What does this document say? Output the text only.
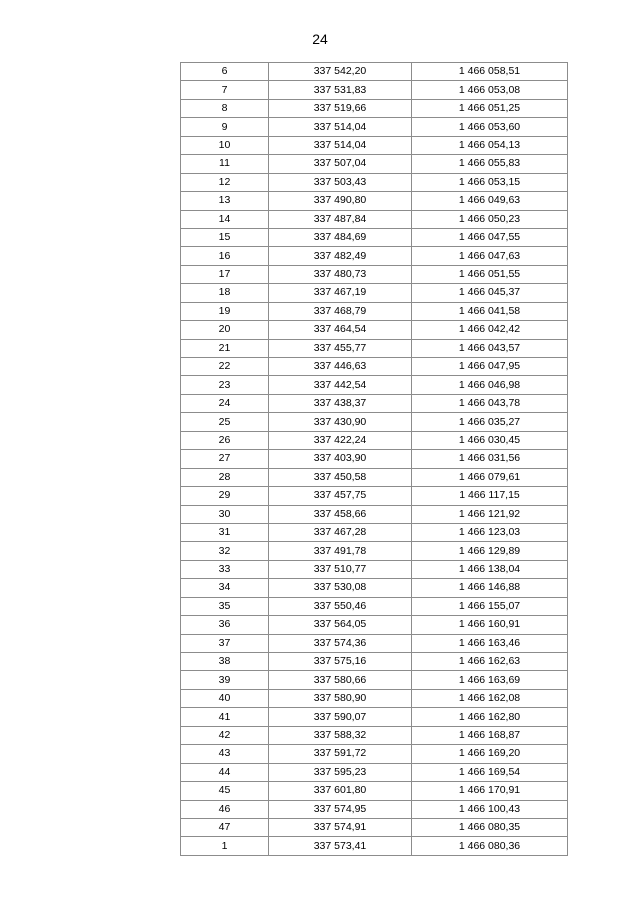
24
6	337 542,20	1 466 058,51
7	337 531,83	1 466 053,08
8	337 519,66	1 466 051,25
9	337 514,04	1 466 053,60
10	337 514,04	1 466 054,13
11	337 507,04	1 466 055,83
12	337 503,43	1 466 053,15
13	337 490,80	1 466 049,63
14	337 487,84	1 466 050,23
15	337 484,69	1 466 047,55
16	337 482,49	1 466 047,63
17	337 480,73	1 466 051,55
18	337 467,19	1 466 045,37
19	337 468,79	1 466 041,58
20	337 464,54	1 466 042,42
21	337 455,77	1 466 043,57
22	337 446,63	1 466 047,95
23	337 442,54	1 466 046,98
24	337 438,37	1 466 043,78
25	337 430,90	1 466 035,27
26	337 422,24	1 466 030,45
27	337 403,90	1 466 031,56
28	337 450,58	1 466 079,61
29	337 457,75	1 466 117,15
30	337 458,66	1 466 121,92
31	337 467,28	1 466 123,03
32	337 491,78	1 466 129,89
33	337 510,77	1 466 138,04
34	337 530,08	1 466 146,88
35	337 550,46	1 466 155,07
36	337 564,05	1 466 160,91
37	337 574,36	1 466 163,46
38	337 575,16	1 466 162,63
39	337 580,66	1 466 163,69
40	337 580,90	1 466 162,08
41	337 590,07	1 466 162,80
42	337 588,32	1 466 168,87
43	337 591,72	1 466 169,20
44	337 595,23	1 466 169,54
45	337 601,80	1 466 170,91
46	337 574,95	1 466 100,43
47	337 574,91	1 466 080,35
1	337 573,41	1 466 080,36
